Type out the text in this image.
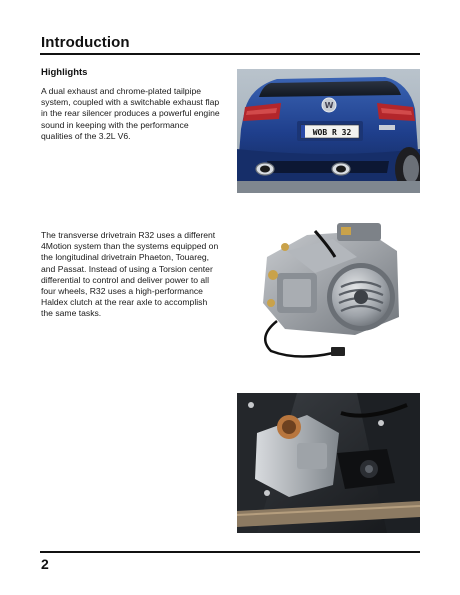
Introduction
Highlights

A dual exhaust and chrome-plated tailpipe system, coupled with a switchable exhaust flap in the rear silencer produces a powerful engine sound in keeping with the performance qualities of the 3.2L V6.

The transverse drivetrain R32 uses a different 4Motion system than the systems equipped on the longitudinal drivetrain Phaeton, Touareg, and Passat. Instead of using a Torsion center differential to control and deliver power to all four wheels, R32 uses a high-performance Haldex clutch at the rear axle to accomplish the same tasks.

W
WOB R 32
2
